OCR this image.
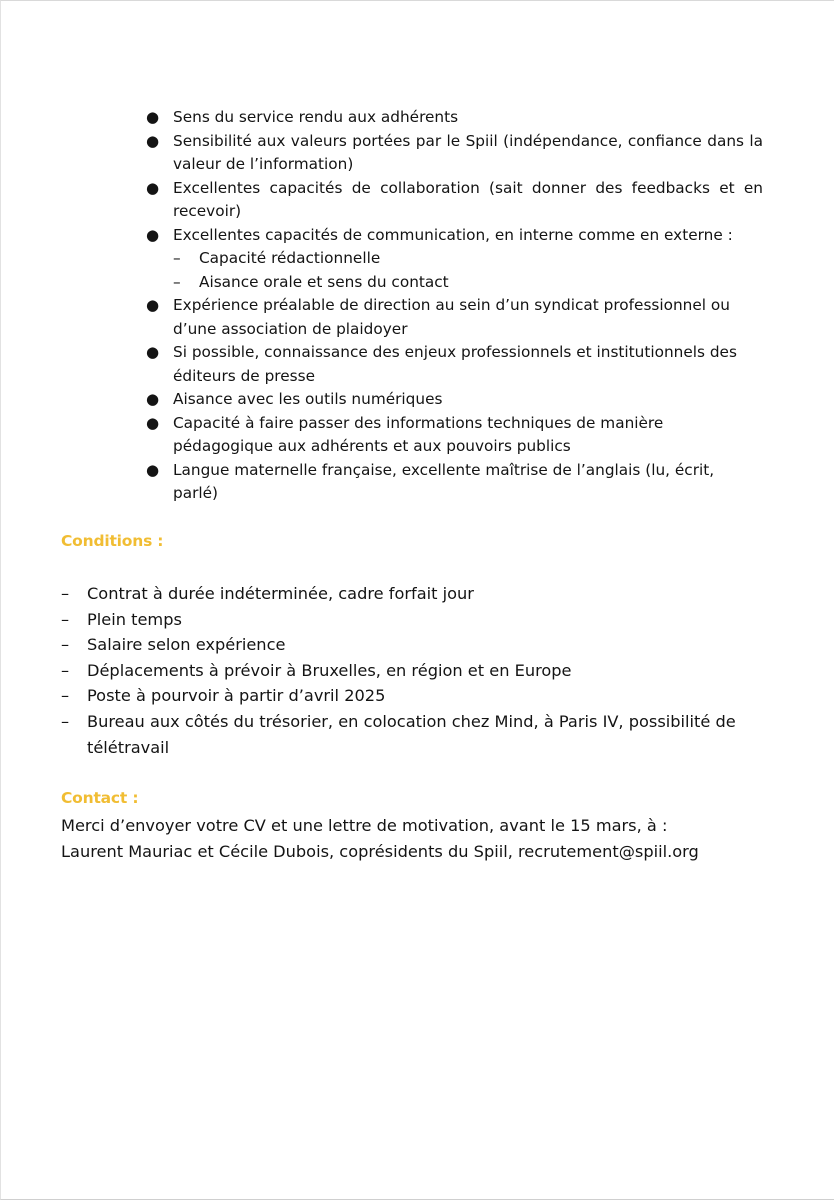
● Sens du service rendu aux adhérents
● Sensibilité aux valeurs portées par le Spiil (indépendance, confiance dans la valeur de l’information)
● Excellentes capacités de collaboration (sait donner des feedbacks et en recevoir)
● Excellentes capacités de communication, en interne comme en externe :
– Capacité rédactionnelle
– Aisance orale et sens du contact
● Expérience préalable de direction au sein d’un syndicat professionnel ou d’une association de plaidoyer
● Si possible, connaissance des enjeux professionnels et institutionnels des éditeurs de presse
● Aisance avec les outils numériques
● Capacité à faire passer des informations techniques de manière pédagogique aux adhérents et aux pouvoirs publics
● Langue maternelle française, excellente maîtrise de l’anglais (lu, écrit, parlé)
Conditions :
– Contrat à durée indéterminée, cadre forfait jour
– Plein temps
– Salaire selon expérience
– Déplacements à prévoir à Bruxelles, en région et en Europe
– Poste à pourvoir à partir d’avril 2025
– Bureau aux côtés du trésorier, en colocation chez Mind, à Paris IV, possibilité de télétravail
Contact :

Merci d’envoyer votre CV et une lettre de motivation, avant le 15 mars, à :

Laurent Mauriac et Cécile Dubois, coprésidents du Spiil, recrutement@spiil.org
